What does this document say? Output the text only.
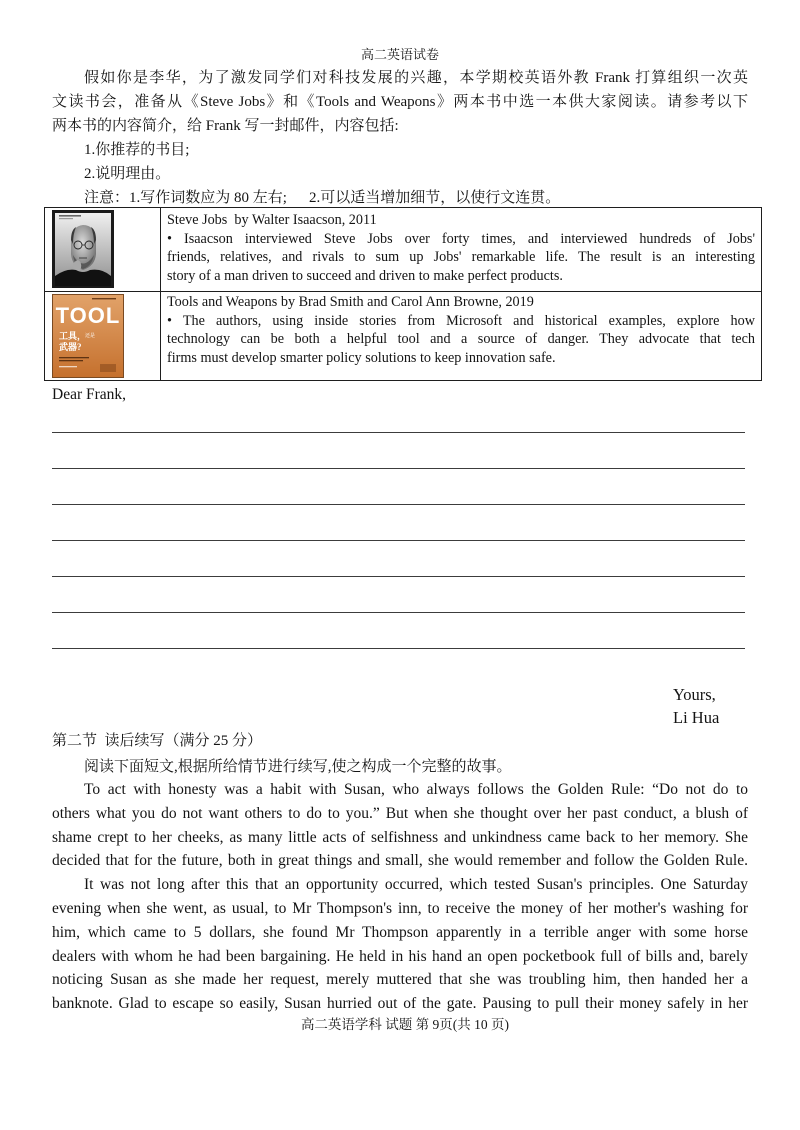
高二英语试卷
假如你是李华，为了激发同学们对科技发展的兴趣，本学期校英语外教 Frank 打算组织一次英
文读书会，准备从《Steve Jobs》和《Tools and Weapons》两本书中选一本供大家阅读。请参考以下
两本书的内容简介，给 Frank 写一封邮件，内容包括:
1.你推荐的书目;
2.说明理由。
注意：1.写作词数应为 80 左右; 2.可以适当增加细节，以使行文连贯。
TOOL
工具，
还是
武器?
Steve Jobs  by Walter Isaacson, 2011
• Isaacson interviewed Steve Jobs over forty times, and interviewed hundreds of Jobs'
friends, relatives, and rivals to sum up Jobs' remarkable life. The result is an interesting
story of a man driven to succeed and driven to make perfect products.
Tools and Weapons by Brad Smith and Carol Ann Browne, 2019
• The authors, using inside stories from Microsoft and historical examples, explore how
technology can be both a helpful tool and a source of danger. They advocate that tech
firms must develop smarter policy solutions to keep innovation safe.
Dear Frank,
Yours,
Li Hua
第二节  读后续写（满分 25 分）
阅读下面短文,根据所给情节进行续写,使之构成一个完整的故事。
To act with honesty was a habit with Susan, who always follows the Golden Rule: “Do not do to
others what you do not want others to do to you.” But when she thought over her past conduct, a blush of
shame crept to her cheeks, as many little acts of selfishness and unkindness came back to her memory. She
decided that for the future, both in great things and small, she would remember and follow the Golden Rule.
It was not long after this that an opportunity occurred, which tested Susan's principles. One Saturday
evening when she went, as usual, to Mr Thompson's inn, to receive the money of her mother's washing for
him, which came to 5 dollars, she found Mr Thompson apparently in a terrible anger with some horse
dealers with whom he had been bargaining. He held in his hand an open pocketbook full of bills and, barely
noticing Susan as she made her request, merely muttered that she was troubling him, then handed her a
banknote. Glad to escape so easily, Susan hurried out of the gate. Pausing to pull their money safely in her
高二英语学科 试题 第 9页(共 10 页)
